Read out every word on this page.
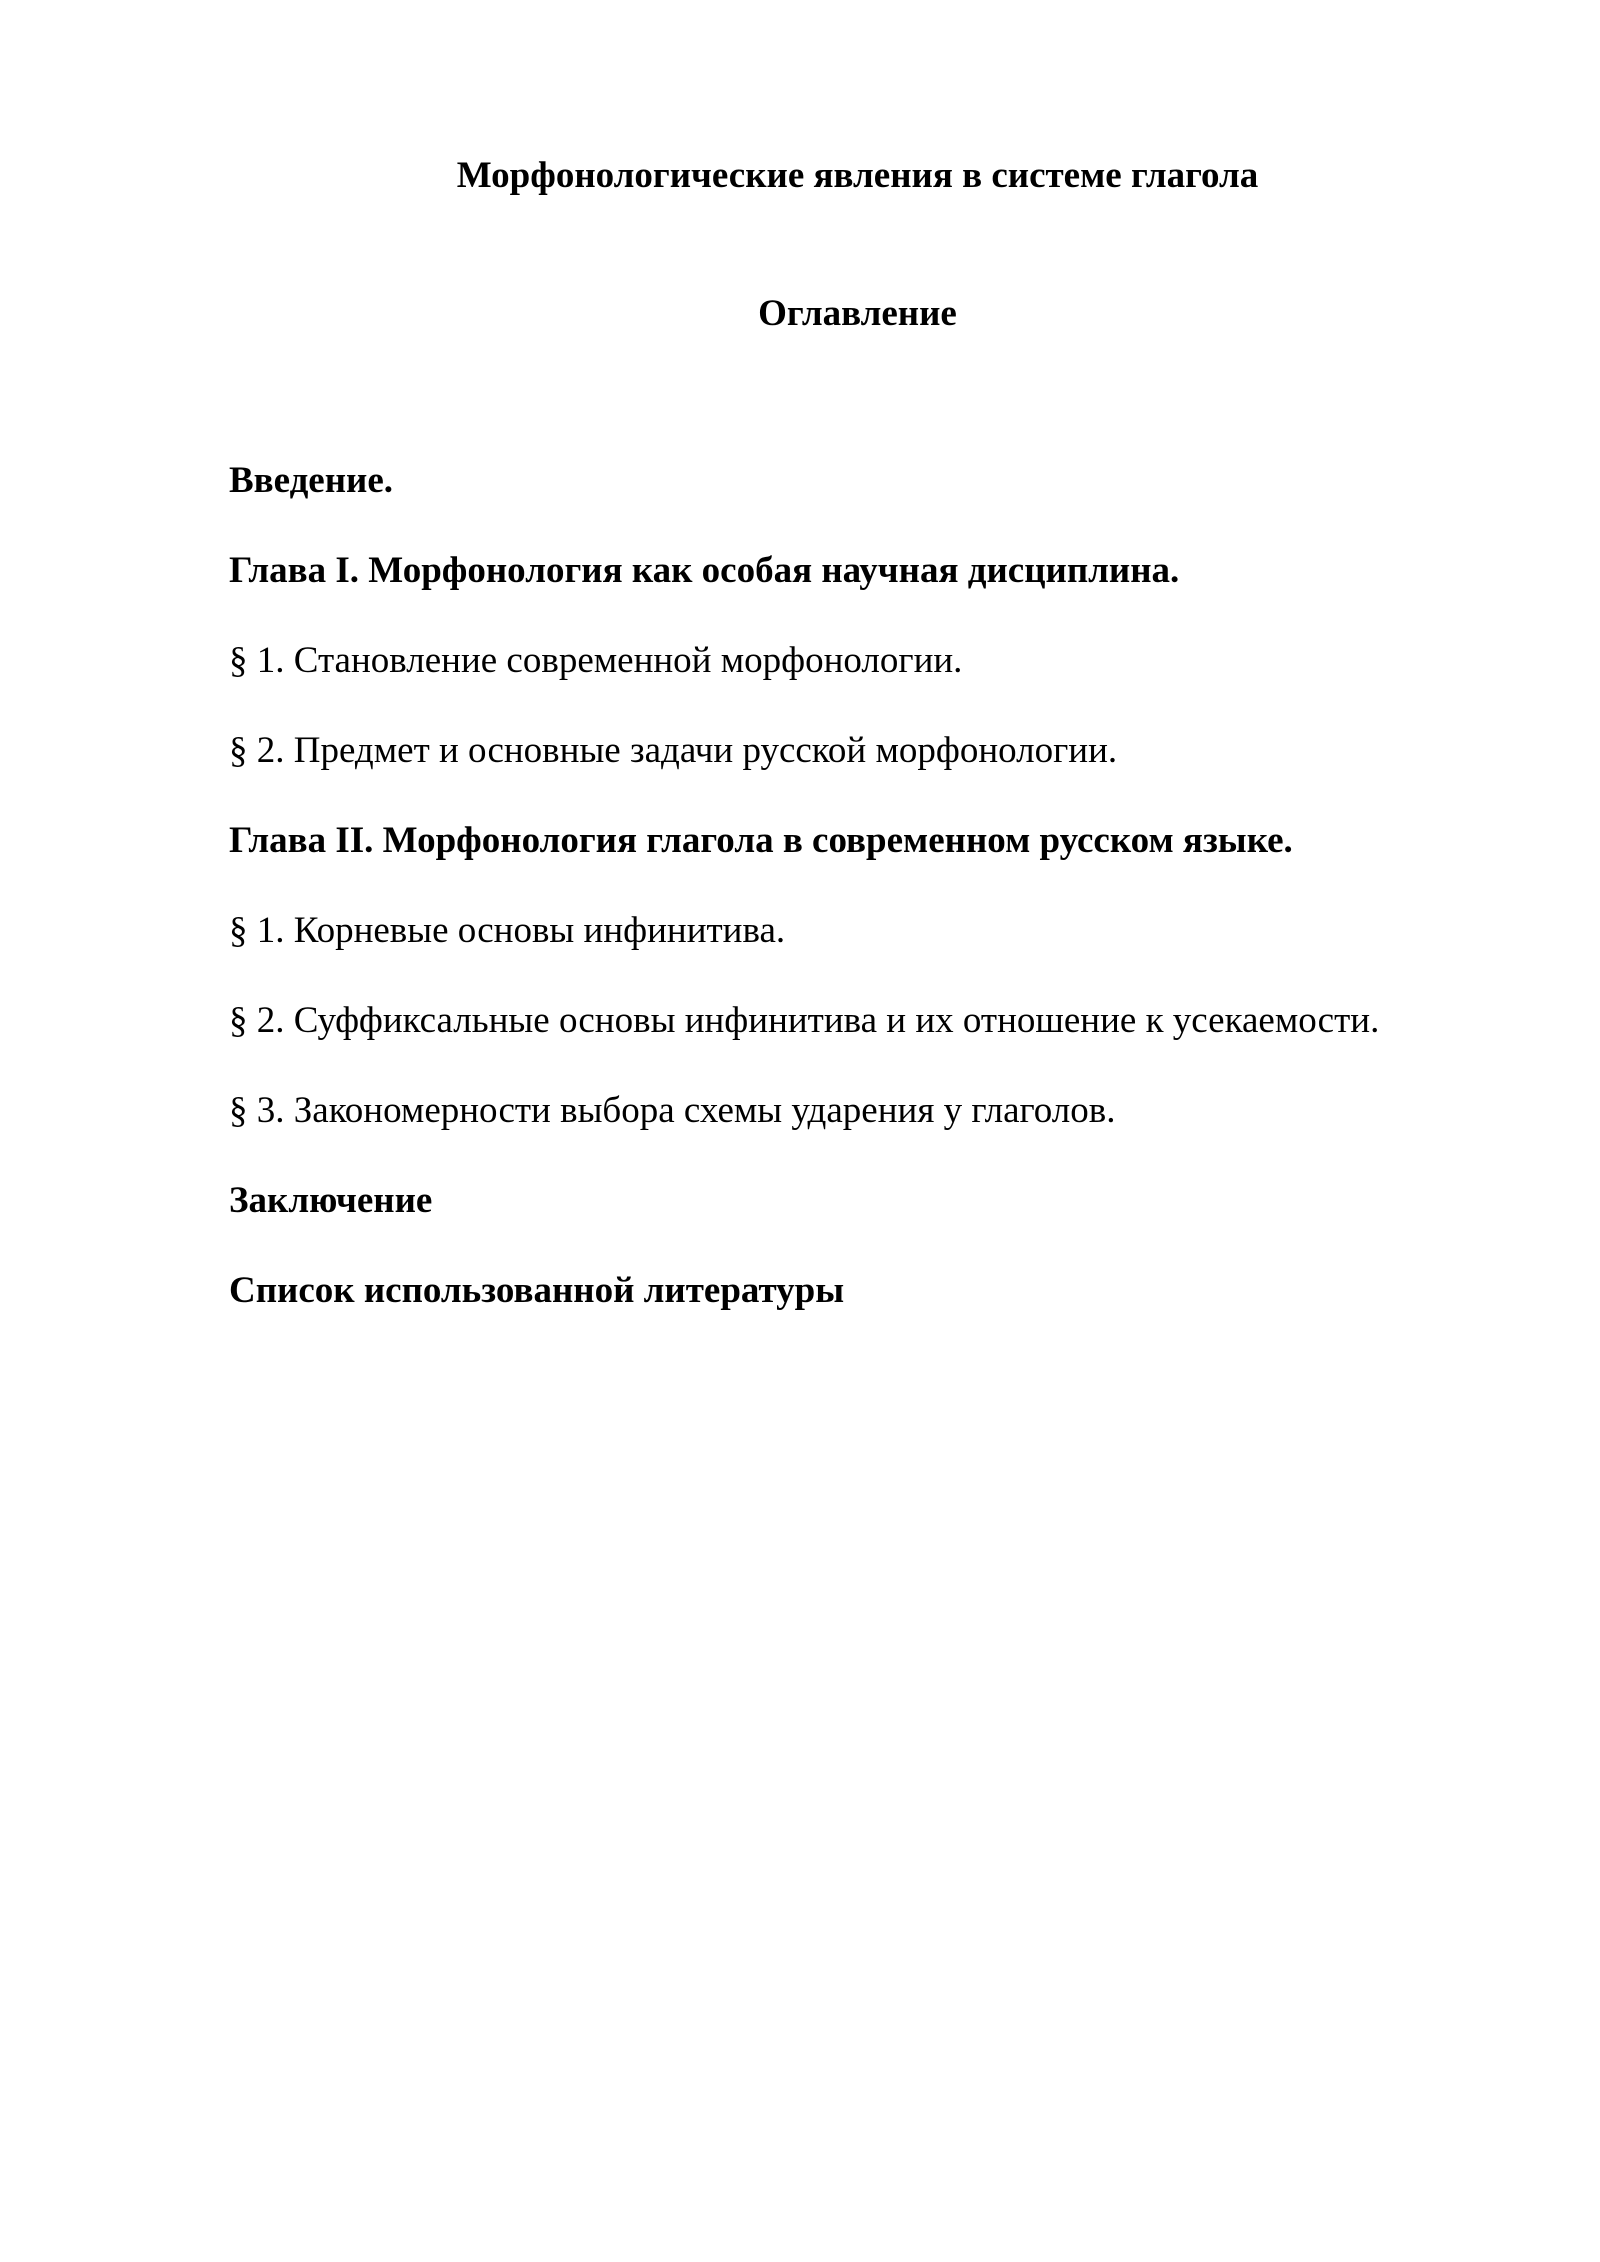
Морфонологические явления в системе глагола
Оглавление

Введение.

Глава I. Морфонология как особая научная дисциплина.

§ 1. Становление современной морфонологии.

§ 2. Предмет и основные задачи русской морфонологии.

Глава II. Морфонология глагола в современном русском языке.

§ 1. Корневые основы инфинитива.

§ 2. Суффиксальные основы инфинитива и их отношение к усекаемости.

§ 3. Закономерности выбора схемы ударения у глаголов.

Заключение

Список использованной литературы
